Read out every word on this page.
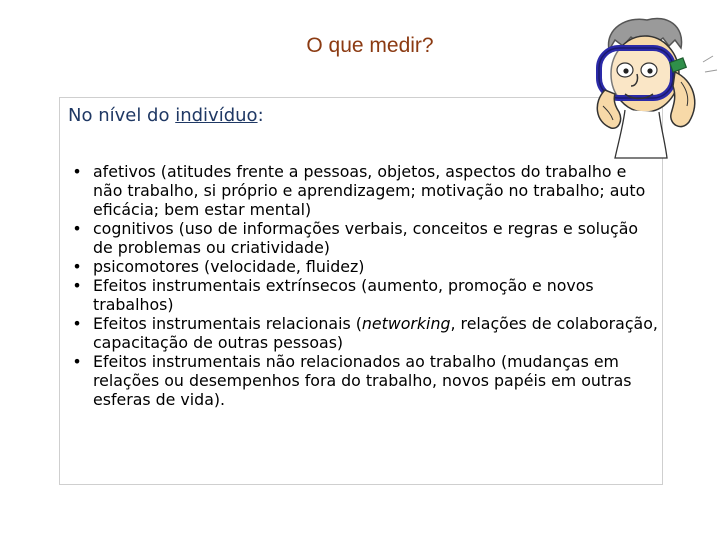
O que medir?
No nível do indivíduo:
• afetivos (atitudes frente a pessoas, objetos, aspectos do trabalho e não trabalho, si próprio e aprendizagem; motivação no trabalho; auto eficácia; bem estar mental)
• cognitivos (uso de informações verbais, conceitos e regras e solução de problemas ou criatividade)
• psicomotores (velocidade, fluidez)
• Efeitos instrumentais extrínsecos (aumento, promoção e novos trabalhos)
• Efeitos instrumentais relacionais (networking, relações de colaboração, capacitação de outras pessoas)
• Efeitos instrumentais não relacionados ao trabalho (mudanças em relações ou desempenhos fora do trabalho, novos papéis em outras esferas de vida).
